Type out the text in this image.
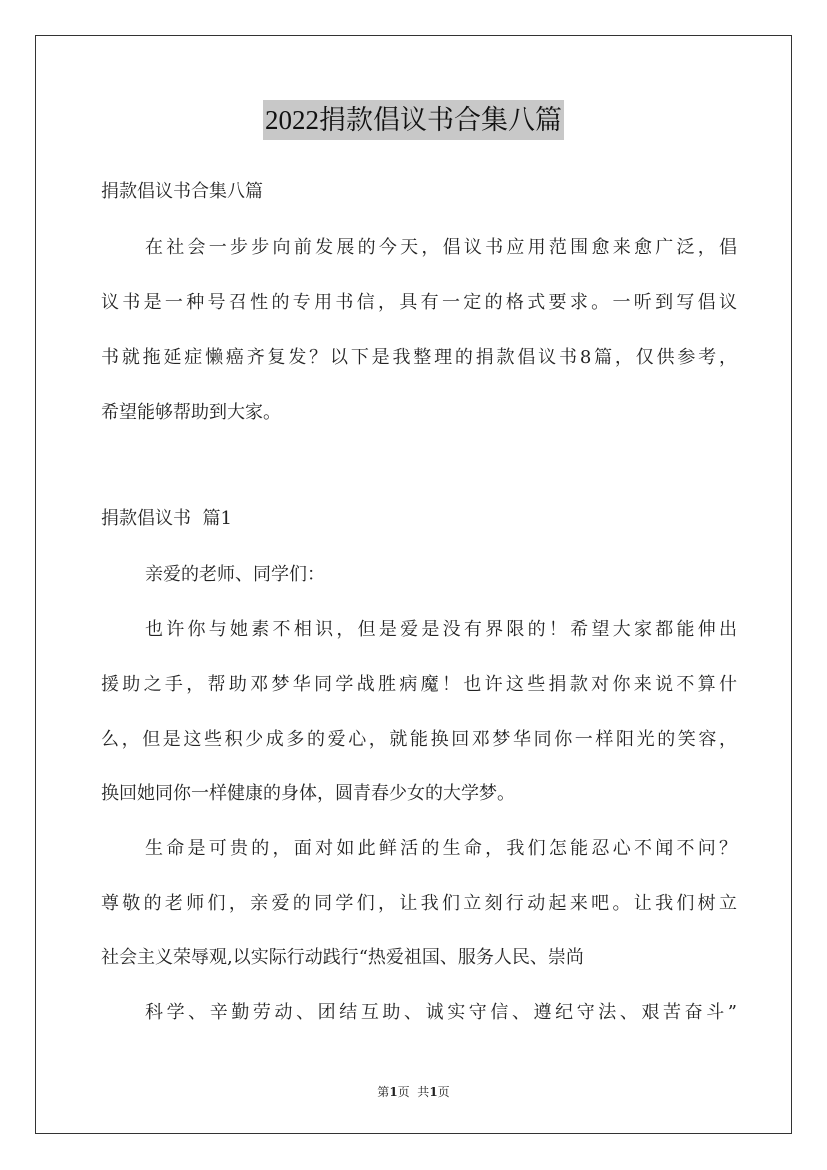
2022捐款倡议书合集八篇
捐款倡议书合集八篇
在社会一步步向前发展的今天，倡议书应用范围愈来愈广泛，倡
议书是一种号召性的专用书信，具有一定的格式要求。一听到写倡议
书就拖延症懒癌齐复发？以下是我整理的捐款倡议书8篇，仅供参考，
希望能够帮助到大家。
捐款倡议书  篇1
亲爱的老师、同学们：
也许你与她素不相识，但是爱是没有界限的！希望大家都能伸出
援助之手，帮助邓梦华同学战胜病魔！也许这些捐款对你来说不算什
么，但是这些积少成多的爱心，就能换回邓梦华同你一样阳光的笑容，
换回她同你一样健康的身体，圆青春少女的大学梦。
生命是可贵的，面对如此鲜活的生命，我们怎能忍心不闻不问？
尊敬的老师们，亲爱的同学们，让我们立刻行动起来吧。让我们树立
社会主义荣辱观,以实际行动践行“热爱祖国、服务人民、崇尚
科学、辛勤劳动、团结互助、诚实守信、遵纪守法、艰苦奋斗”
第1页  共1页
